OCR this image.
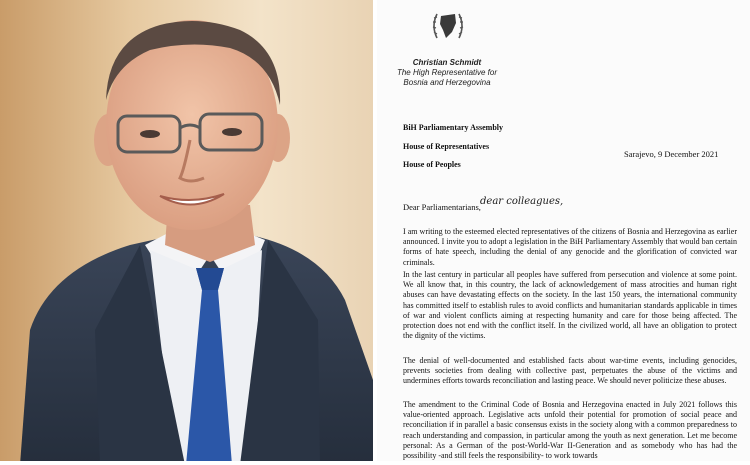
Christian Schmidt
The High Representative for
Bosnia and Herzegovina
BiH Parliamentary Assembly
House of Representatives
House of Peoples
Sarajevo, 9 December 2021
Dear Parliamentarians, dear colleagues,
I am writing to the esteemed elected representatives of the citizens of Bosnia and Herzegovina as earlier announced. I invite you to adopt a legislation in the BiH Parliamentary Assembly that would ban certain forms of hate speech, including the denial of any genocide and the glorification of convicted war criminals.
In the last century in particular all peoples have suffered from persecution and violence at some point. We all know that, in this country, the lack of acknowledgement of mass atrocities and human right abuses can have devastating effects on the society. In the last 150 years, the international community has committed itself to establish rules to avoid conflicts and humanitarian standards applicable in times of war and violent conflicts aiming at respecting humanity and care for those being affected. The protection does not end with the conflict itself. In the civilized world, all have an obligation to protect the dignity of the victims.
The denial of well-documented and established facts about war-time events, including genocides, prevents societies from dealing with collective past, perpetuates the abuse of the victims and undermines efforts towards reconciliation and lasting peace. We should never politicize these abuses.
The amendment to the Criminal Code of Bosnia and Herzegovina enacted in July 2021 follows this value-oriented approach. Legislative acts unfold their potential for promotion of social peace and reconciliation if in parallel a basic consensus exists in the society along with a common preparedness to reach understanding and compassion, in particular among the youth as next generation. Let me become personal: As a German of the post-World-War II-Generation and as somebody who has had the possibility -and still feels the responsibility- to work towards
